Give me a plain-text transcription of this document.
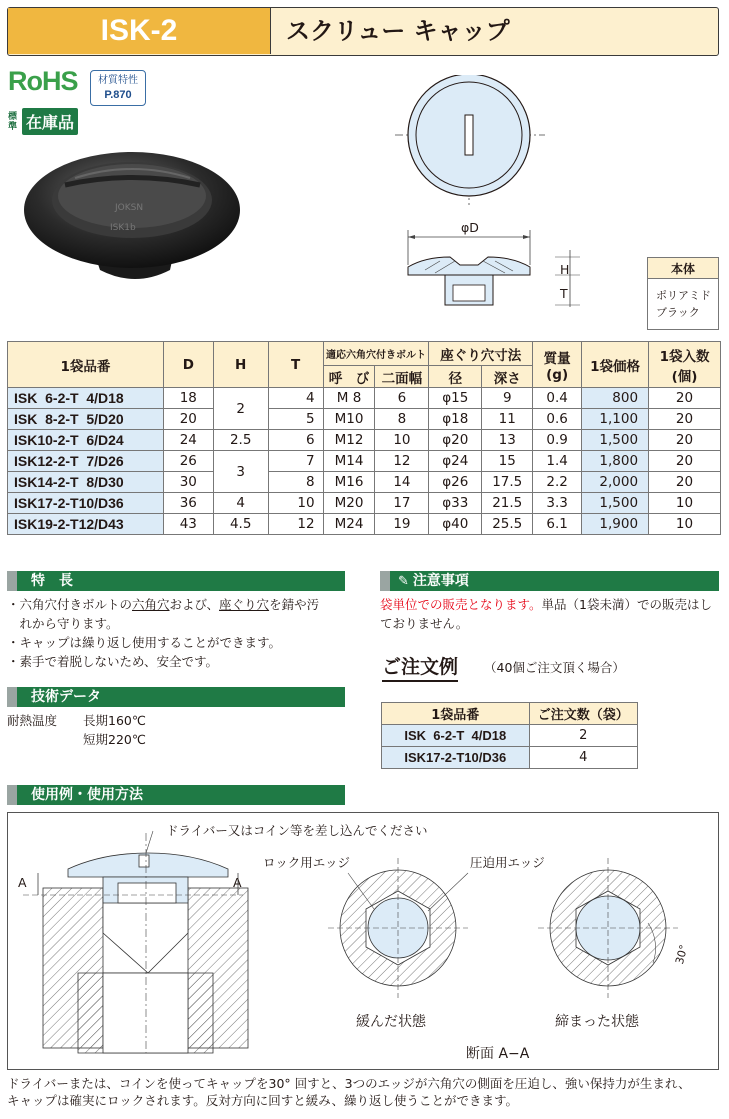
ISK-2	スクリュー キャップ
RoHS	材質特性
P.870
標準 在庫品
JOKSN
ISK1b	φD
H
T
本体
ポリアミド
ブラック
1袋品番	D	H	T	適応六角穴付きボルト		座ぐり穴寸法		質量
(g)	1袋価格	1袋入数
(個)
				呼　び	二面幅	径	深さ			
ISK  6-2-T  4/D18	18	2	4	M 8	6	φ15	9	0.4	800	20
ISK  8-2-T  5/D20	20		5	M10	8	φ18	11	0.6	1,100	20
ISK10-2-T  6/D24	24	2.5	6	M12	10	φ20	13	0.9	1,500	20
ISK12-2-T  7/D26	26	3	7	M14	12	φ24	15	1.4	1,800	20
ISK14-2-T  8/D30	30		8	M16	14	φ26	17.5	2.2	2,000	20
ISK17-2-T10/D36	36	4	10	M20	17	φ33	21.5	3.3	1,500	10
ISK19-2-T12/D43	43	4.5	12	M24	19	φ40	25.5	6.1	1,900	10
特　長
・六角穴付きボルトの六角穴および、座ぐり穴を錆や汚
　れから守ります。
・キャップは繰り返し使用することができます。
・素手で着脱しないため、安全です。
技術データ
耐熱温度 長期160℃
短期220℃
✎ 注意事項
袋単位での販売となります。単品（1袋未満）での販売はし
ておりません。
ご注文例 （40個ご注文頂く場合）
1袋品番	ご注文数（袋）
ISK  6-2-T  4/D18	2
ISK17-2-T10/D36	4
使用例・使用方法
ドライバー又はコイン等を差し込んでください
A	A
ロック用エッジ	圧迫用エッジ
緩んだ状態	締まった状態
断面 A−A
30°
ドライバーまたは、コインを使ってキャップを30° 回すと、3つのエッジが六角穴の側面を圧迫し、強い保持力が生まれ、
キャップは確実にロックされます。反対方向に回すと緩み、繰り返し使うことができます。
